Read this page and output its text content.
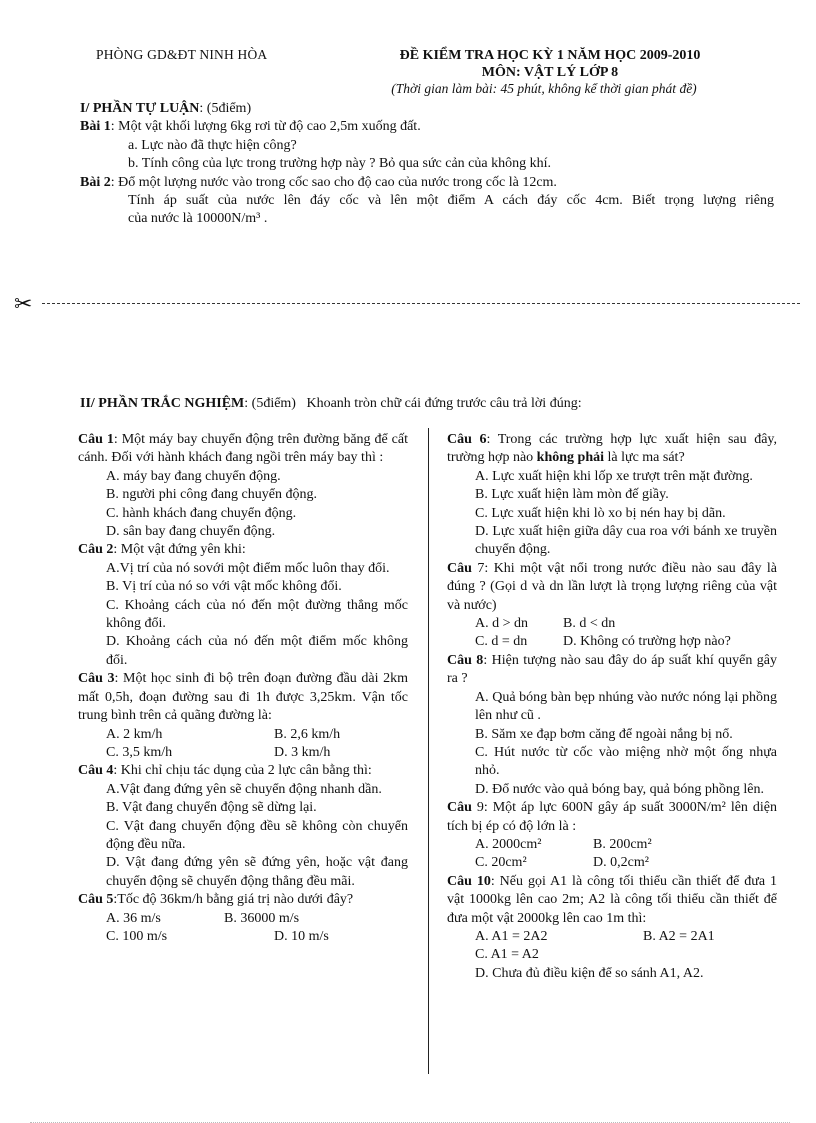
PHÒNG GD&ĐT NINH HÒA	ĐỀ KIỂM TRA HỌC KỲ 1 NĂM HỌC 2009-2010
MÔN: VẬT LÝ LỚP 8
(Thời gian làm bài: 45 phút, không kể thời gian phát đề)
I/ PHẦN TỰ LUẬN: (5điểm)
Bài 1: Một vật khối lượng 6kg rơi từ độ cao 2,5m xuống đất.
a. Lực nào đã thực hiện công?
b. Tính công của lực trong trường hợp này ? Bỏ qua sức cản của không khí.
Bài 2: Đổ một lượng nước vào trong cốc sao cho độ cao của nước trong cốc là 12cm.
Tính áp suất của nước lên đáy cốc và lên một điểm A cách đáy cốc 4cm. Biết trọng lượng riêng
của nước là 10000N/m³ .
✂
II/ PHẦN TRẮC NGHIỆM: (5điểm) Khoanh tròn chữ cái đứng trước câu trả lời đúng:

Câu 1: Một máy bay chuyển động trên đường băng để cất cánh. Đối với hành khách đang ngồi trên máy bay thì :

A. máy bay đang chuyển động.

B. người phi công đang chuyển động.

C. hành khách đang chuyển động.

D. sân bay đang chuyển động.

Câu 2: Một vật đứng yên khi:

A.Vị trí của nó sovới một điểm mốc luôn thay đổi.

B. Vị trí của nó so với vật mốc không đổi.

C. Khoảng cách của nó đến một đường thẳng mốc không đổi.

D. Khoảng cách của nó đến một điểm mốc không đổi.

Câu 3: Một học sinh đi bộ trên đoạn đường đầu dài 2km mất 0,5h, đoạn đường sau đi 1h được 3,25km. Vận tốc trung bình trên cả quãng đường là:

A. 2 km/h	B. 2,6 km/h

C. 3,5 km/h	D. 3 km/h

Câu 4: Khi chỉ chịu tác dụng của 2 lực cân bằng thì:

A.Vật đang đứng yên sẽ chuyển động nhanh dần.

B. Vật đang chuyển động sẽ dừng lại.

C. Vật đang chuyển động đều sẽ không còn chuyển động đều nữa.

D. Vật đang đứng yên sẽ đứng yên, hoặc vật đang chuyển động sẽ chuyển động thẳng đều mãi.

Câu 5:Tốc độ 36km/h bằng giá trị nào dưới đây?

A. 36 m/s	B. 36000 m/s

C. 100 m/s	D. 10 m/s

Câu 6: Trong các trường hợp lực xuất hiện sau đây, trường hợp nào không phải là lực ma sát?

A. Lực xuất hiện khi lốp xe trượt trên mặt đường.

B. Lực xuất hiện làm mòn đế giầy.

C. Lực xuất hiện khi lò xo bị nén hay bị dãn.

D. Lực xuất hiện giữa dây cua roa với bánh xe truyền chuyển động.

Câu 7: Khi một vật nổi trong nước điều nào sau đây là đúng ? (Gọi d và dn lần lượt là trọng lượng riêng của vật và nước)

A. d > dn	B. d < dn

C. d = dn	D. Không có trường hợp nào?

Câu 8: Hiện tượng nào sau đây do áp suất khí quyển gây ra ?

A. Quả bóng bàn bẹp nhúng vào nước nóng lại phồng lên như cũ .

B. Săm xe đạp bơm căng để ngoài nắng bị nổ.

C. Hút nước từ cốc vào miệng nhờ một ống nhựa nhỏ.

D. Đổ nước vào quả bóng bay, quả bóng phồng lên.

Câu 9: Một áp lực 600N gây áp suất 3000N/m² lên diện tích bị ép có độ lớn là :

A. 2000cm²	B. 200cm²

C. 20cm²	D. 0,2cm²

Câu 10: Nếu gọi A1 là công tối thiểu cần thiết để đưa 1 vật 1000kg lên cao 2m; A2 là công tối thiểu cần thiết để đưa một vật 2000kg lên cao 1m thì:

A. A1 = 2A2	B. A2 = 2A1

C. A1 = A2

D. Chưa đủ điều kiện để so sánh A1, A2.
